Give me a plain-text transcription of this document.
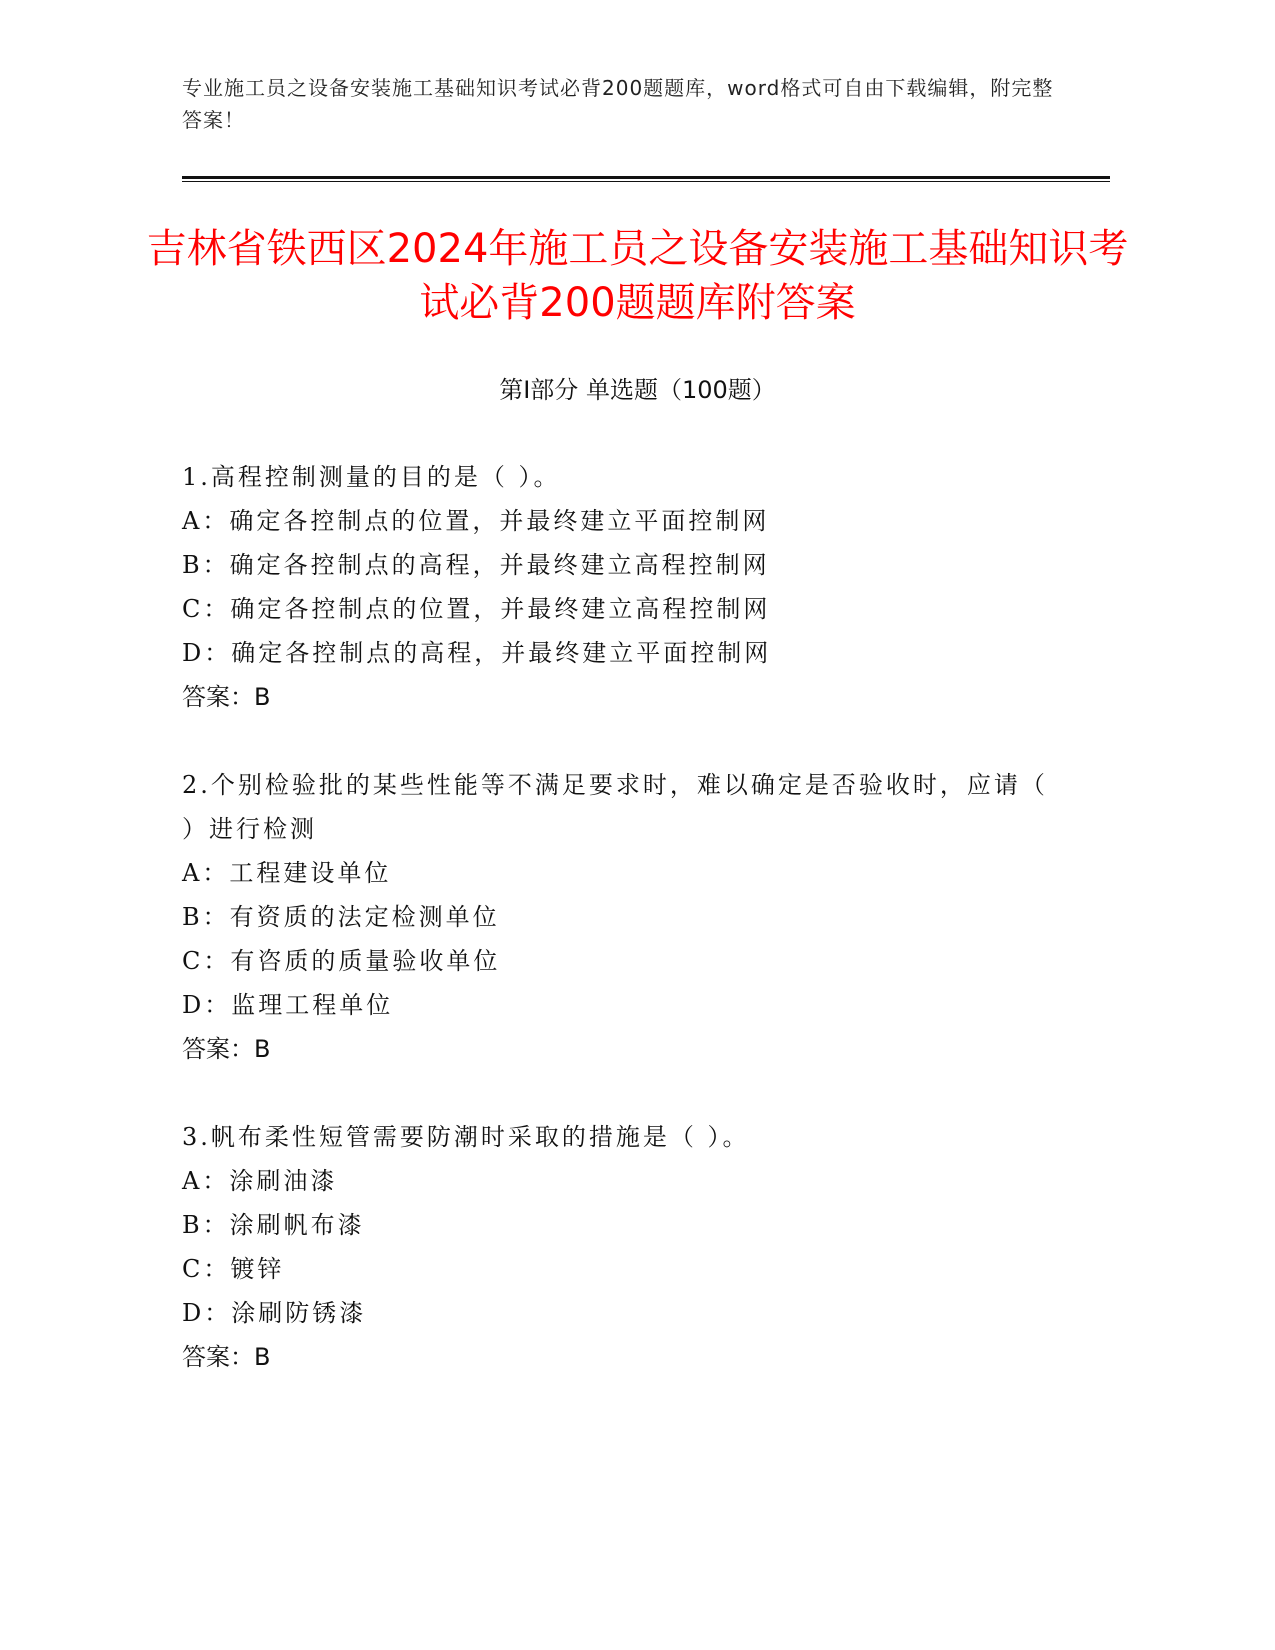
专业施工员之设备安装施工基础知识考试必背200题题库，word格式可自由下载编辑，附完整答案！
吉林省铁西区2024年施工员之设备安装施工基础知识考试必背200题题库附答案
第I部分 单选题（100题）

1.高程控制测量的目的是（ ）。

A：确定各控制点的位置，并最终建立平面控制网

B：确定各控制点的高程，并最终建立高程控制网

C：确定各控制点的位置，并最终建立高程控制网

D：确定各控制点的高程，并最终建立平面控制网

答案：B

2.个别检验批的某些性能等不满足要求时，难以确定是否验收时，应请（ ）进行检测

A：工程建设单位

B：有资质的法定检测单位

C：有咨质的质量验收单位

D：监理工程单位

答案：B

3.帆布柔性短管需要防潮时采取的措施是（ ）。

A：涂刷油漆

B：涂刷帆布漆

C：镀锌

D：涂刷防锈漆

答案：B
